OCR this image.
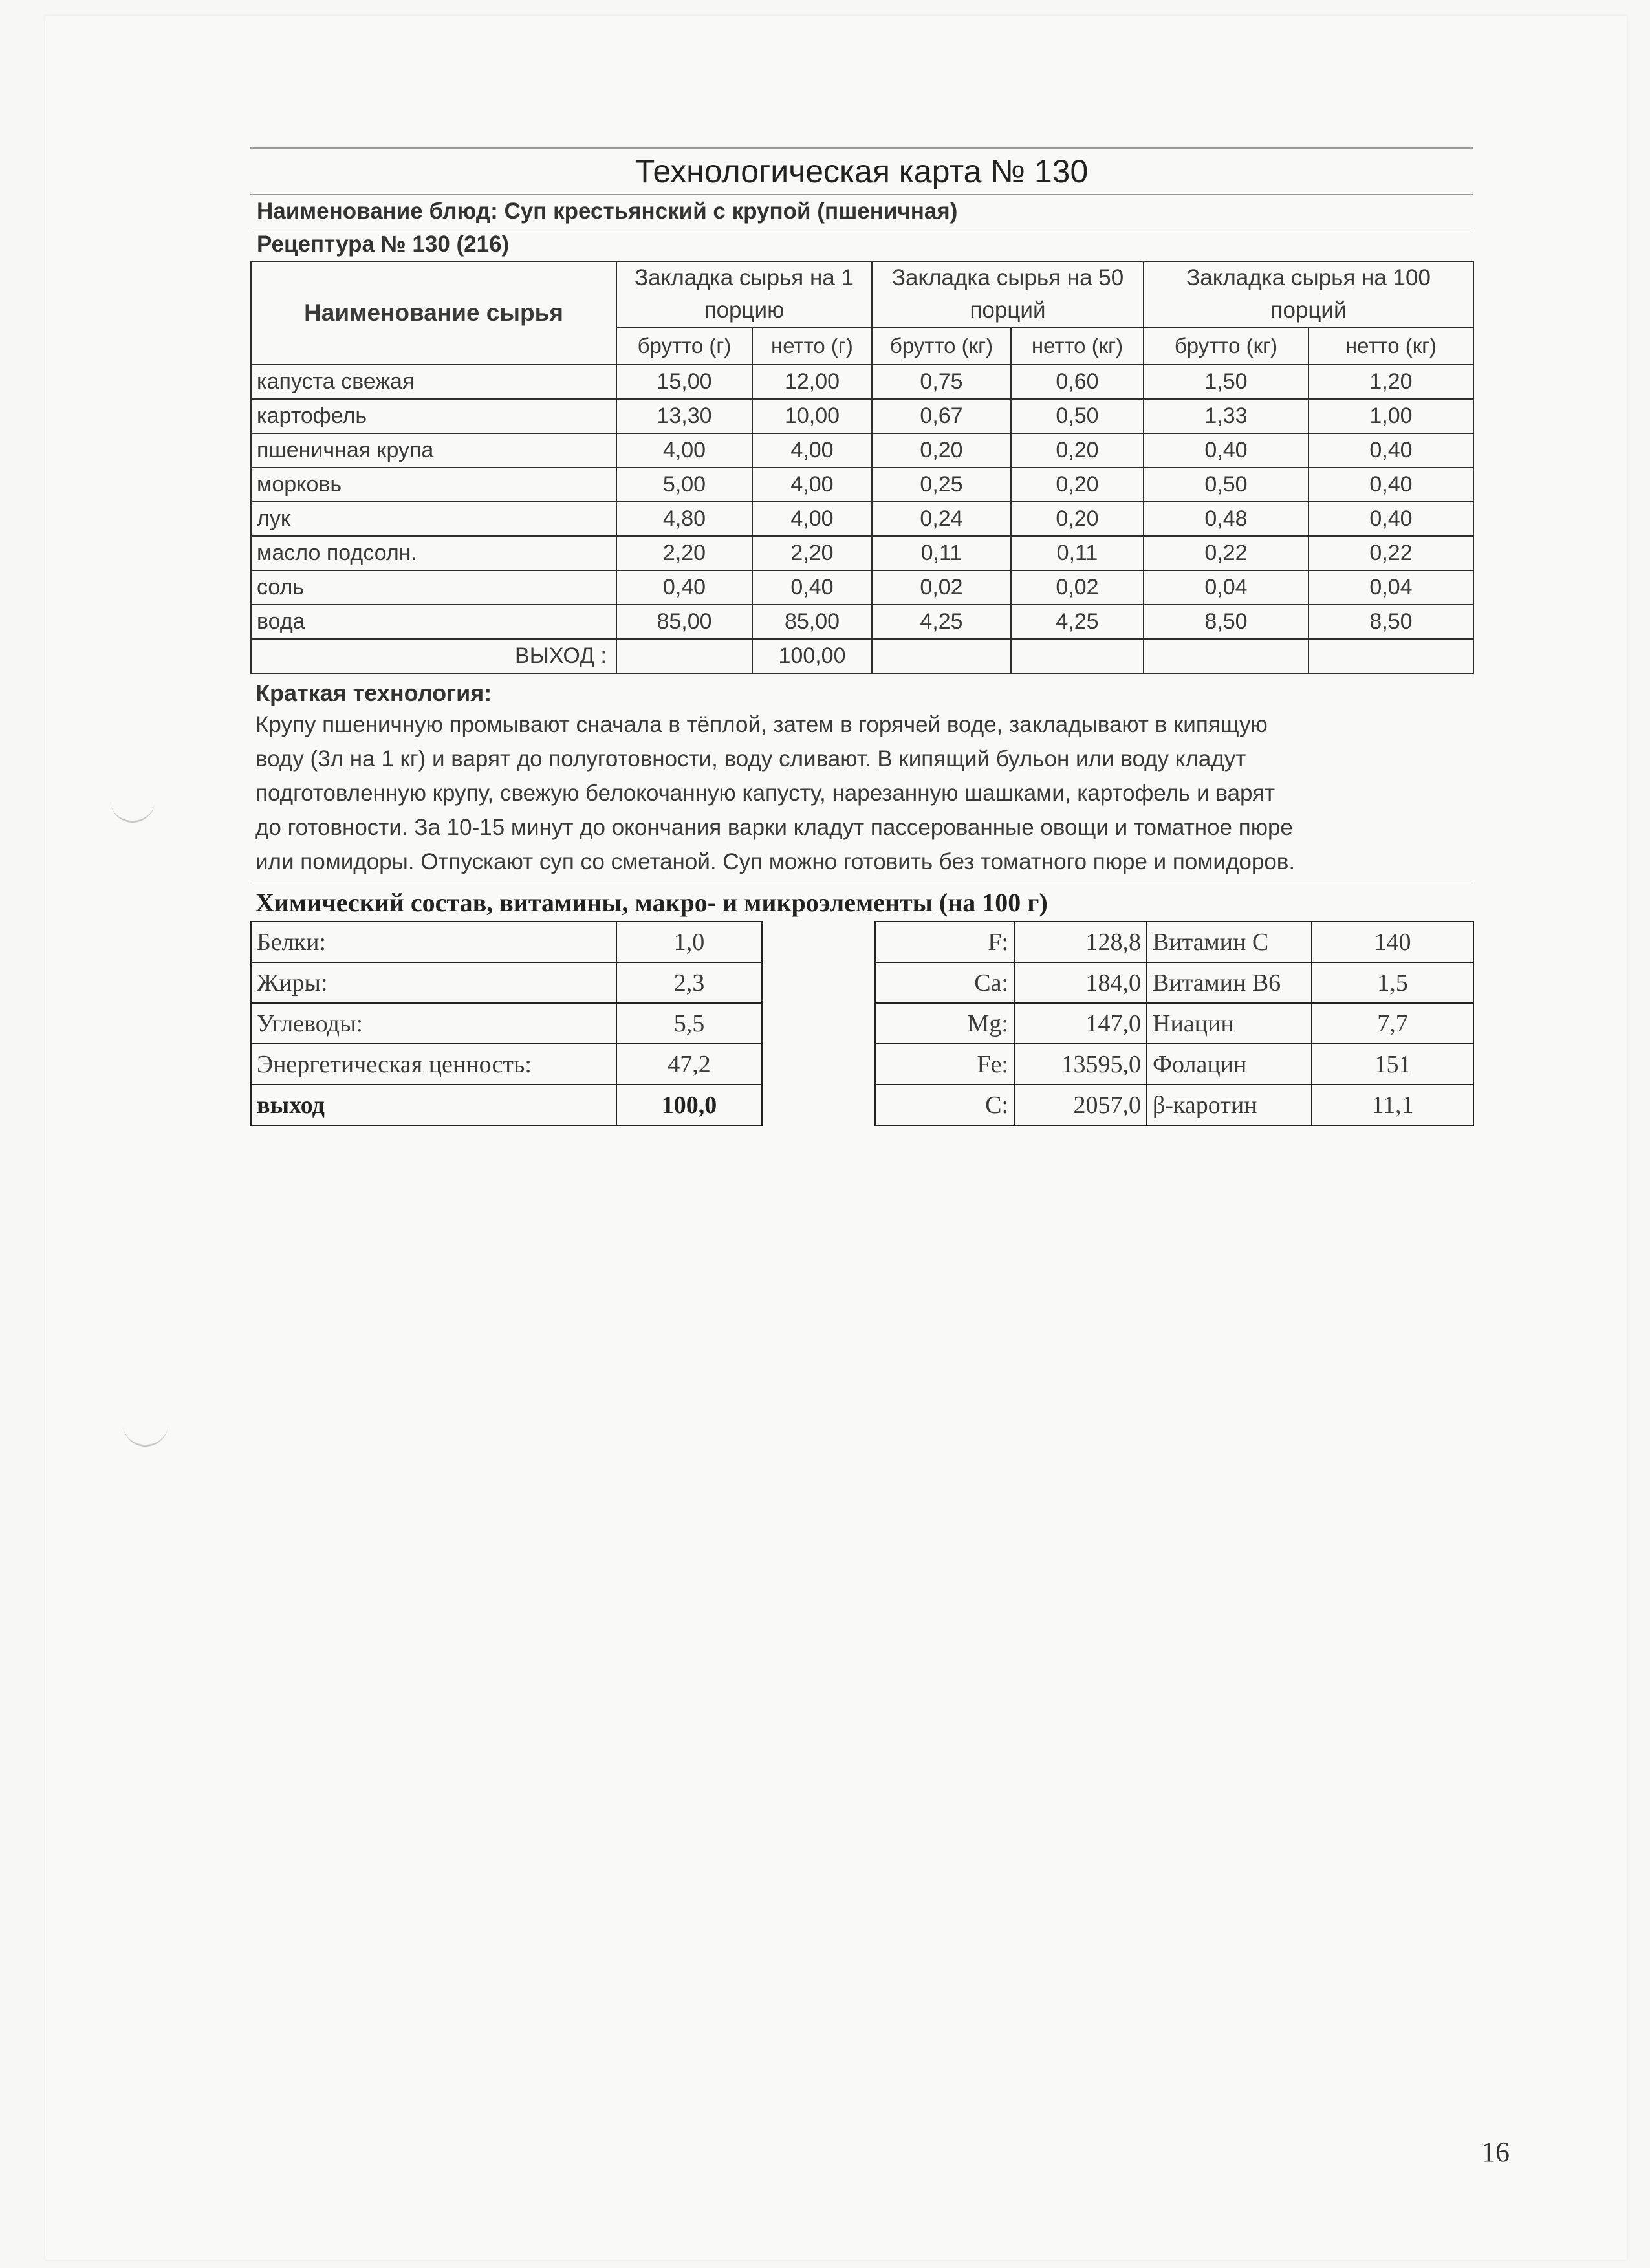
Технологическая карта № 130
Наименование блюд: Суп крестьянский с крупой (пшеничная)
Рецептура № 130 (216)
Наименование сырья	Закладка сырья на 1 порцию		Закладка сырья на 50 порций		Закладка сырья на 100 порций	
	брутто (г)	нетто (г)	брутто (кг)	нетто (кг)	брутто (кг)	нетто (кг)
капуста свежая	15,00	12,00	0,75	0,60	1,50	1,20
картофель	13,30	10,00	0,67	0,50	1,33	1,00
пшеничная крупа	4,00	4,00	0,20	0,20	0,40	0,40
морковь	5,00	4,00	0,25	0,20	0,50	0,40
лук	4,80	4,00	0,24	0,20	0,48	0,40
масло подсолн.	2,20	2,20	0,11	0,11	0,22	0,22
соль	0,40	0,40	0,02	0,02	0,04	0,04
вода	85,00	85,00	4,25	4,25	8,50	8,50
ВЫХОД :		100,00				
Краткая технология:
Крупу пшеничную промывают сначала в тёплой, затем в горячей воде, закладывают в кипящую
воду (3л на 1 кг) и варят до полуготовности, воду сливают. В кипящий бульон или воду кладут
подготовленную крупу, свежую белокочанную капусту, нарезанную шашками, картофель и варят
до готовности. За 10-15 минут до окончания варки кладут пассерованные овощи и томатное пюре
или помидоры. Отпускают суп со сметаной. Суп можно готовить без томатного пюре и помидоров.
Химический состав, витамины, макро- и микроэлементы (на 100 г)
Белки:	1,0
Жиры:	2,3
Углеводы:	5,5
Энергетическая ценность:	47,2
выход	100,0
F:	128,8	Витамин С	140
Ca:	184,0	Витамин В6	1,5
Mg:	147,0	Ниацин	7,7
Fe:	13595,0	Фолацин	151
C:	2057,0	β-каротин	11,1
16
